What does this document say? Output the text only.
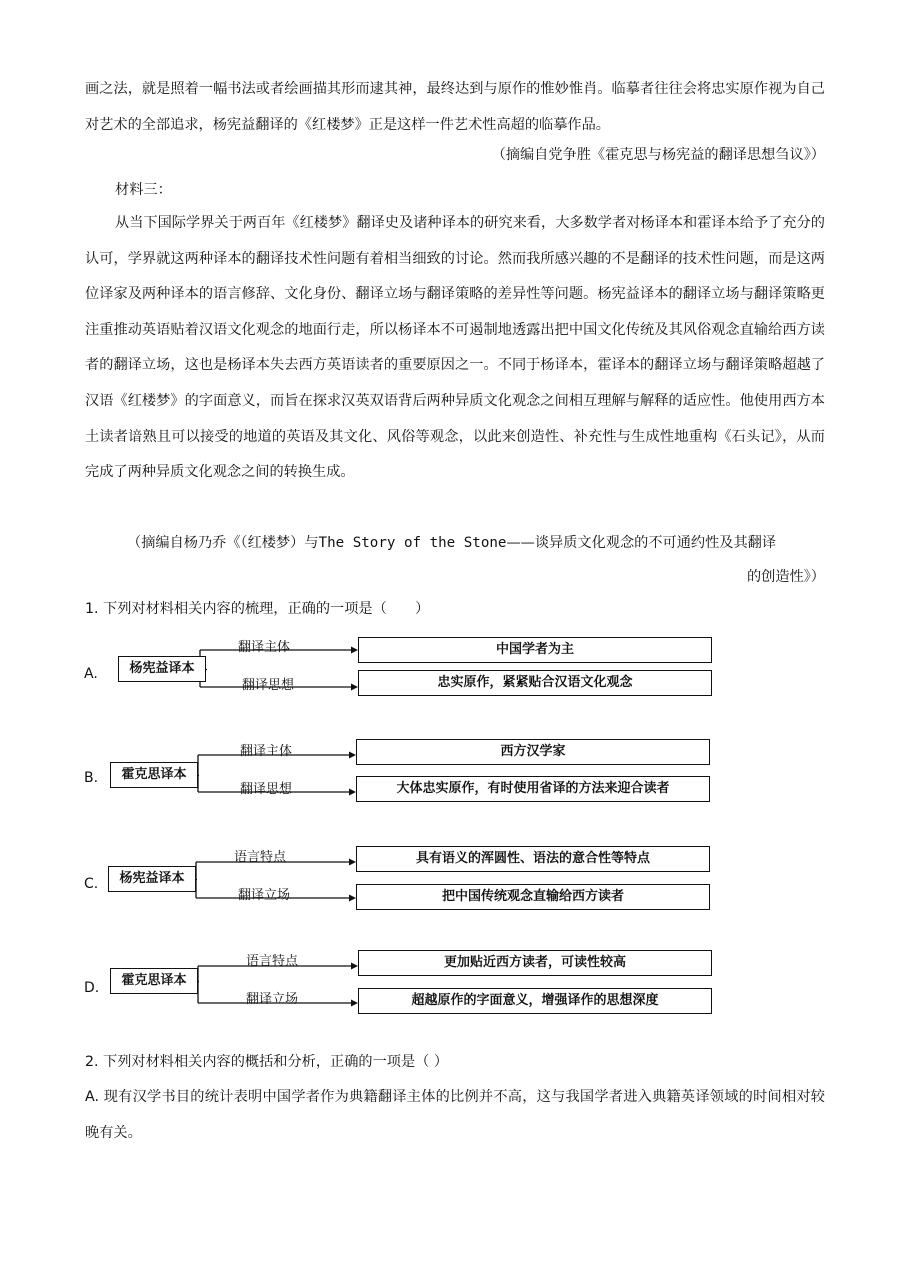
画之法，就是照着一幅书法或者绘画描其形而逮其神，最终达到与原作的惟妙惟肖。临摹者往往会将忠实原作视为自己对艺术的全部追求，杨宪益翻译的《红楼梦》正是这样一件艺术性高超的临摹作品。

（摘编自党争胜《霍克思与杨宪益的翻译思想刍议》）

材料三：

从当下国际学界关于两百年《红楼梦》翻译史及诸种译本的研究来看，大多数学者对杨译本和霍译本给予了充分的认可，学界就这两种译本的翻译技术性问题有着相当细致的讨论。然而我所感兴趣的不是翻译的技术性问题，而是这两位译家及两种译本的语言修辞、文化身份、翻译立场与翻译策略的差异性等问题。杨宪益译本的翻译立场与翻译策略更注重推动英语贴着汉语文化观念的地面行走，所以杨译本不可遏制地透露出把中国文化传统及其风俗观念直输给西方读者的翻译立场，这也是杨译本失去西方英语读者的重要原因之一。不同于杨译本，霍译本的翻译立场与翻译策略超越了汉语《红楼梦》的字面意义，而旨在探求汉英双语背后两种异质文化观念之间相互理解与解释的适应性。他使用西方本土读者谙熟且可以接受的地道的英语及其文化、风俗等观念，以此来创造性、补充性与生成性地重构《石头记》，从而完成了两种异质文化观念之间的转换生成。

（摘编自杨乃乔《（红楼梦）与The Story of the Stone——谈异质文化观念的不可通约性及其翻译

的创造性》）

1. 下列对材料相关内容的梳理，正确的一项是（　　）

A.	杨宪益译本
翻译主体
翻译思想
中国学者为主
忠实原作，紧紧贴合汉语文化观念
B.	霍克思译本
翻译主体
翻译思想
西方汉学家
大体忠实原作，有时使用省译的方法来迎合读者
C.	杨宪益译本
语言特点
翻译立场
具有语义的浑圆性、语法的意合性等特点
把中国传统观念直输给西方读者
D.	霍克思译本
语言特点
翻译立场
更加贴近西方读者，可读性较高
超越原作的字面意义，增强译作的思想深度

2. 下列对材料相关内容的概括和分析，正确的一项是（ ）

A. 现有汉学书目的统计表明中国学者作为典籍翻译主体的比例并不高，这与我国学者进入典籍英译领域的时间相对较晚有关。
